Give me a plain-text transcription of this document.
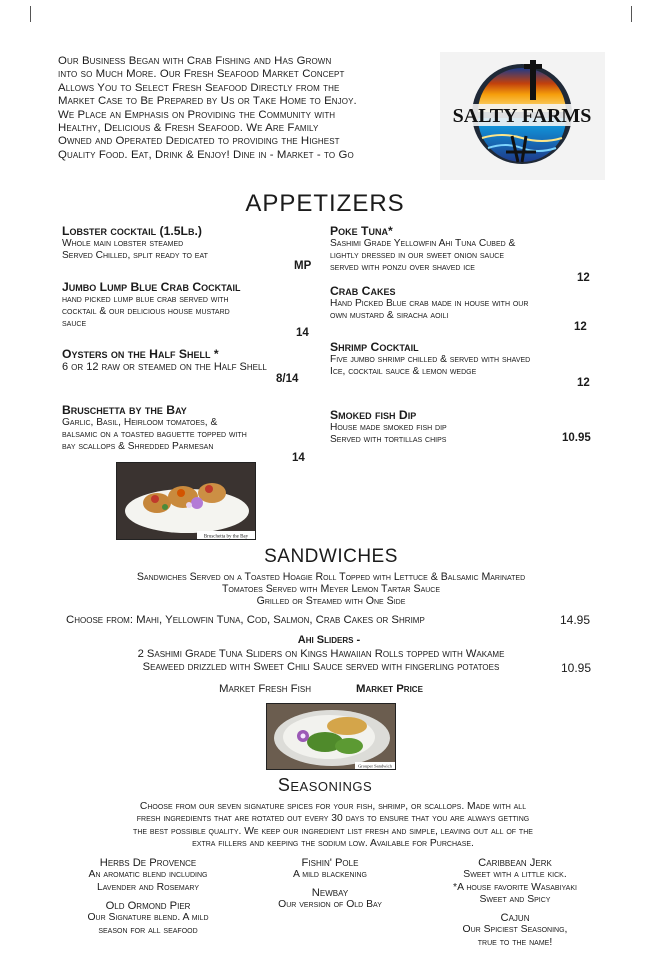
Our Business Began with Crab Fishing and Has Grown
into so Much More. Our Fresh Seafood Market Concept
Allows You to Select Fresh Seafood Directly from the
Market Case to Be Prepared by Us or Take Home to Enjoy.
We Place an Emphasis on Providing the Community with
Healthy, Delicious & Fresh Seafood. We Are Family
Owned and Operated Dedicated to providing the Highest
Quality Food. Eat, Drink & Enjoy! Dine in - Market - to Go
SALTY FARMS
APPETIZERS
Lobster cocktail (1.5Lb.)
Whole main lobster steamed
Served Chilled, split ready to eat
MP
Jumbo Lump Blue Crab Cocktail
hand picked lump blue crab served with
cocktail & our delicious house mustard
sauce
14
Oysters on the Half Shell *
6 or 12 raw or steamed on the Half Shell
8/14
Bruschetta by the Bay
Garlic, Basil, Heirloom tomatoes, &
balsamic on a toasted baguette topped with
bay scallops & Shredded Parmesan
14
Poke Tuna*
Sashimi Grade Yellowfin Ahi Tuna Cubed &
lightly dressed in our sweet onion sauce
served with ponzu over shaved ice
12
Crab Cakes
Hand Picked Blue crab made in house with our
own mustard & siracha aoili
12
Shrimp Cocktail
Five jumbo shrimp chilled & served with shaved
Ice, cocktail sauce & lemon wedge
12
Smoked fish Dip
House made smoked fish dip
Served with tortillas chips	10.95
Bruschetta by the Bay
SANDWICHES
Sandwiches Served on a Toasted Hoagie Roll Topped with Lettuce & Balsamic Marinated
Tomatoes Served with Meyer Lemon Tartar Sauce
Grilled or Steamed with One Side
Choose from: Mahi, Yellowfin Tuna, Cod, Salmon, Crab Cakes or Shrimp	14.95
Ahi Sliders -
2 Sashimi Grade Tuna Sliders on Kings Hawaiian Rolls topped with Wakame
Seaweed drizzled with Sweet Chili Sauce served with fingerling potatoes	10.95
Market Fresh Fish	Market Price
Grouper Sandwich
Seasonings
Choose from our seven signature spices for your fish, shrimp, or scallops. Made with all
fresh ingredients that are rotated out every 30 days to ensure that you are always getting
the best possible quality. We keep our ingredient list fresh and simple, leaving out all of the
extra fillers and keeping the sodium low. Available for Purchase.
Herbs De Provence
An aromatic blend including
Lavender and Rosemary
Old Ormond Pier
Our Signature blend. A mild
season for all seafood
Fishin' Pole
A mild blackening
Newbay
Our version of Old Bay
Caribbean Jerk
Sweet with a little kick.
*A house favorite Wasabiyaki
Sweet and Spicy
Cajun
Our Spiciest Seasoning,
true to the name!
